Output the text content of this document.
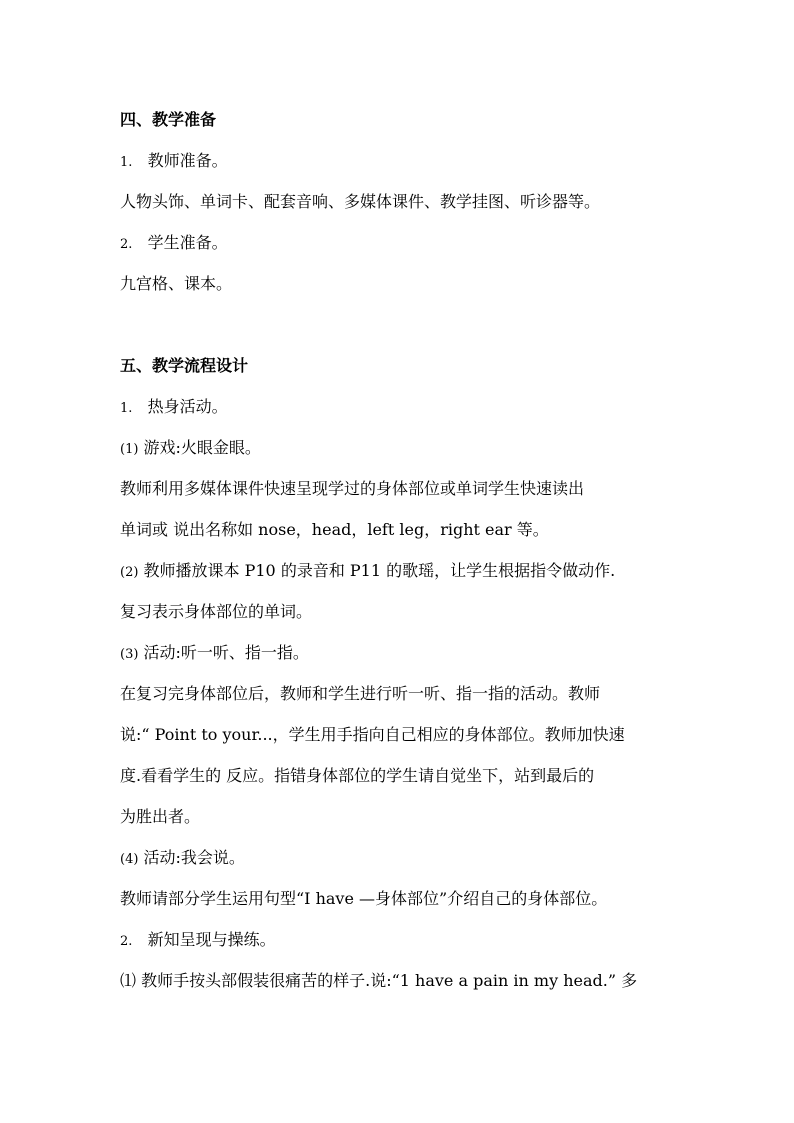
四、教学准备
1. 教师准备。
人物头饰、单词卡、配套音响、多媒体课件、教学挂图、听诊器等。
2. 学生准备。
九宫格、课本。
五、教学流程设计
1. 热身活动。
(1) 游戏:火眼金眼。
教师利用多媒体课件快速呈现学过的身体部位或单词学生快速读出
单词或 说出名称如 nose，head，left leg，right ear 等。
(2) 教师播放课本 P10 的录音和 P11 的歌瑶，让学生根据指令做动作.
复习表示身体部位的单词。
(3) 活动:听一听、指一指。
在复习完身体部位后，教师和学生进行听一听、指一指的活动。教师
说:“ Point to your...，学生用手指向自己相应的身体部位。教师加快速
度.看看学生的 反应。指错身体部位的学生请自觉坐下，站到最后的
为胜出者。
(4) 活动:我会说。
教师请部分学生运用句型“I have —身体部位”介绍自己的身体部位。
2. 新知呈现与操练。
⑴ 教师手按头部假装很痛苦的样子.说:“1 have a pain in my head.” 多
